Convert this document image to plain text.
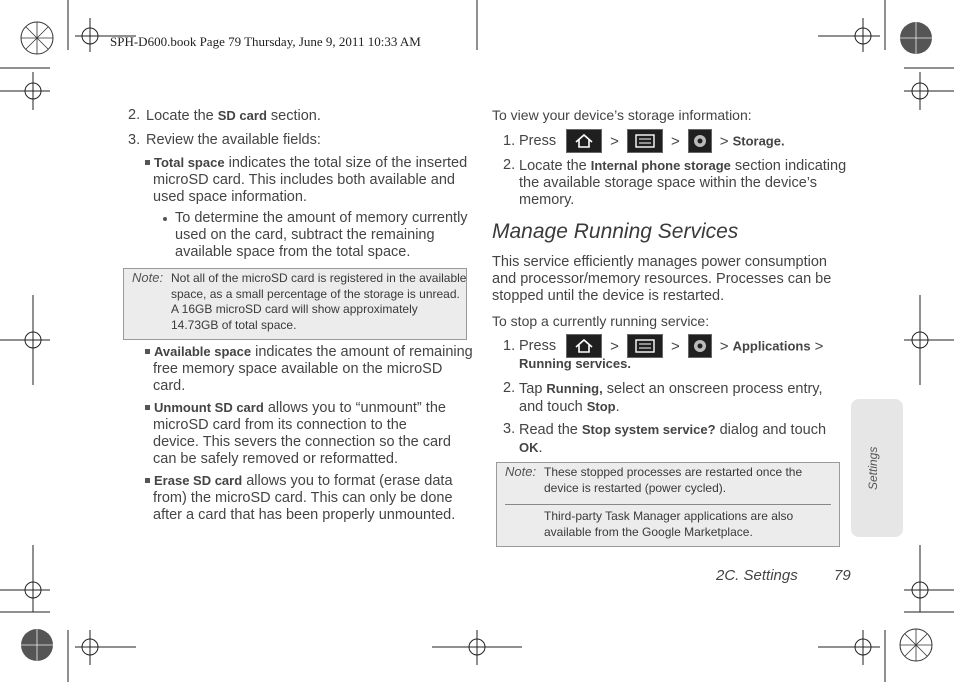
SPH-D600.book Page 79 Thursday, June 9, 2011 10:33 AM
2. Locate the SD card section.
3. Review the available fields:
Total space indicates the total size of the inserted
microSD card. This includes both available and
used space information.
To determine the amount of memory currently
used on the card, subtract the remaining
available space from the total space.
Note: Not all of the microSD card is registered in the available
space, as a small percentage of the storage is unread.
A 16GB microSD card will show approximately
14.73GB of total space.
Available space indicates the amount of remaining
free memory space available on the microSD
card.
Unmount SD card allows you to “unmount” the
microSD card from its connection to the
device. This severs the connection so the card
can be safely removed or reformatted.
Erase SD card allows you to format (erase data
from) the microSD card. This can only be done
after a card that has been properly unmounted.
To view your device’s storage information:
1. Press	>	>	> Storage.
2. Locate the Internal phone storage section indicating
the available storage space within the device’s
memory.
Manage Running Services
This service efficiently manages power consumption
and processor/memory resources. Processes can be
stopped until the device is restarted.
To stop a currently running service:
1. Press	>	>	> Applications >
Running services.
2. Tap Running, select an onscreen process entry,
and touch Stop.
3. Read the Stop system service? dialog and touch
OK.
Note: These stopped processes are restarted once the
device is restarted (power cycled).
Third-party Task Manager applications are also
available from the Google Marketplace.
Settings
2C. Settings 79
